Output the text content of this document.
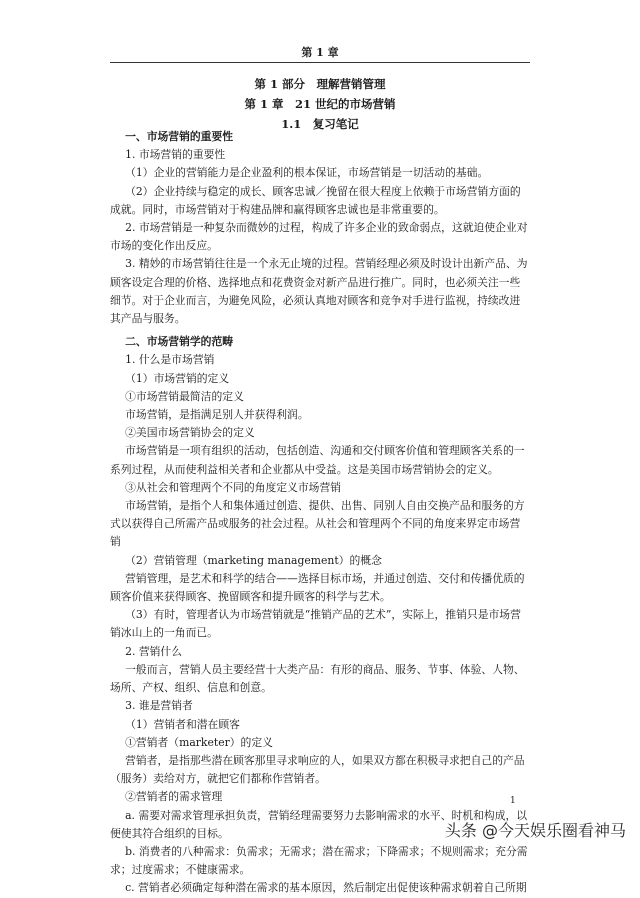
第 1 章
第 1 部分　理解营销管理
第 1 章　21 世纪的市场营销
1.1　复习笔记

一、市场营销的重要性

1. 市场营销的重要性

（1）企业的营销能力是企业盈利的根本保证，市场营销是一切活动的基础。

（2）企业持续与稳定的成长、顾客忠诚／挽留在很大程度上依赖于市场营销方面的成就。同时，市场营销对于构建品牌和赢得顾客忠诚也是非常重要的。

2. 市场营销是一种复杂而微妙的过程，构成了许多企业的致命弱点，这就迫使企业对市场的变化作出反应。

3. 精妙的市场营销往往是一个永无止境的过程。营销经理必须及时设计出新产品、为顾客设定合理的价格、选择地点和花费资金对新产品进行推广。同时，也必须关注一些细节。对于企业而言，为避免风险，必须认真地对顾客和竞争对手进行监视，持续改进其产品与服务。

二、市场营销学的范畴

1. 什么是市场营销

（1）市场营销的定义

①市场营销最简洁的定义

市场营销，是指满足别人并获得利润。

②美国市场营销协会的定义

市场营销是一项有组织的活动，包括创造、沟通和交付顾客价值和管理顾客关系的一系列过程，从而使利益相关者和企业都从中受益。这是美国市场营销协会的定义。

③从社会和管理两个不同的角度定义市场营销

市场营销，是指个人和集体通过创造、提供、出售、同别人自由交换产品和服务的方式以获得自己所需产品或服务的社会过程。从社会和管理两个不同的角度来界定市场营销

（2）营销管理（marketing management）的概念

营销管理，是艺术和科学的结合——选择目标市场，并通过创造、交付和传播优质的顾客价值来获得顾客、挽留顾客和提升顾客的科学与艺术。

（3）有时，管理者认为市场营销就是“推销产品的艺术”，实际上，推销只是市场营销冰山上的一角而已。

2. 营销什么

一般而言，营销人员主要经营十大类产品：有形的商品、服务、节事、体验、人物、场所、产权、组织、信息和创意。

3. 谁是营销者

（1）营销者和潜在顾客

①营销者（marketer）的定义

营销者，是指那些潜在顾客那里寻求响应的人，如果双方都在积极寻求把自己的产品（服务）卖给对方，就把它们都称作营销者。

②营销者的需求管理

a. 需要对需求管理承担负责，营销经理需要努力去影响需求的水平、时机和构成，以便使其符合组织的目标。

b. 消费者的八种需求：负需求；无需求；潜在需求；下降需求；不规则需求；充分需求；过度需求；不健康需求。

c. 营销者必须确定每种潜在需求的基本原因，然后制定出促使该种需求朝着自己所期

1
头条 @今天娱乐圈看神马
